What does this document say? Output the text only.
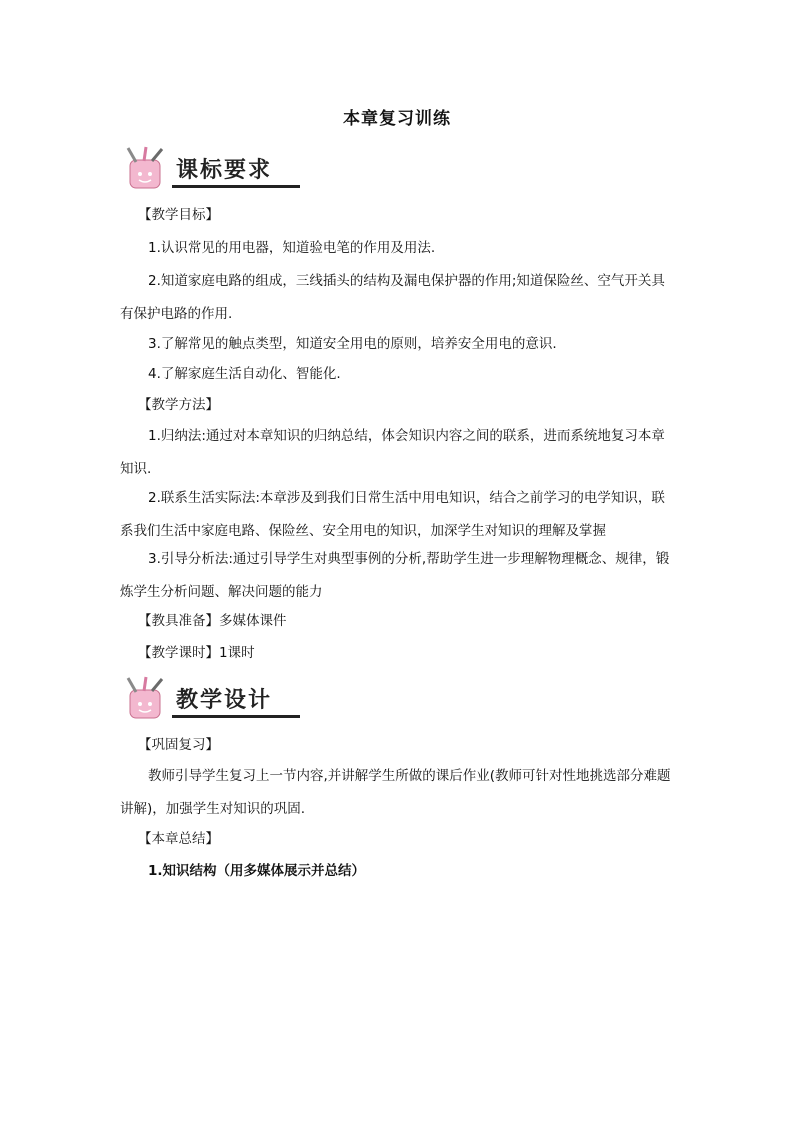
本章复习训练
课标要求
【教学目标】
1.认识常见的用电器，知道验电笔的作用及用法.
2.知道家庭电路的组成，三线插头的结构及漏电保护器的作用;知道保险丝、空气开关具有保护电路的作用.
3.了解常见的触点类型，知道安全用电的原则，培养安全用电的意识.
4.了解家庭生活自动化、智能化.
【教学方法】
1.归纳法:通过对本章知识的归纳总结，体会知识内容之间的联系，进而系统地复习本章知识.
2.联系生活实际法:本章涉及到我们日常生活中用电知识，结合之前学习的电学知识，联系我们生活中家庭电路、保险丝、安全用电的知识，加深学生对知识的理解及掌握
3.引导分析法:通过引导学生对典型事例的分析,帮助学生进一步理解物理概念、规律，锻炼学生分析问题、解决问题的能力
【教具准备】多媒体课件
【教学课时】1课时
教学设计
【巩固复习】
教师引导学生复习上一节内容,并讲解学生所做的课后作业(教师可针对性地挑选部分难题讲解)，加强学生对知识的巩固.
【本章总结】
1.知识结构（用多媒体展示并总结）
